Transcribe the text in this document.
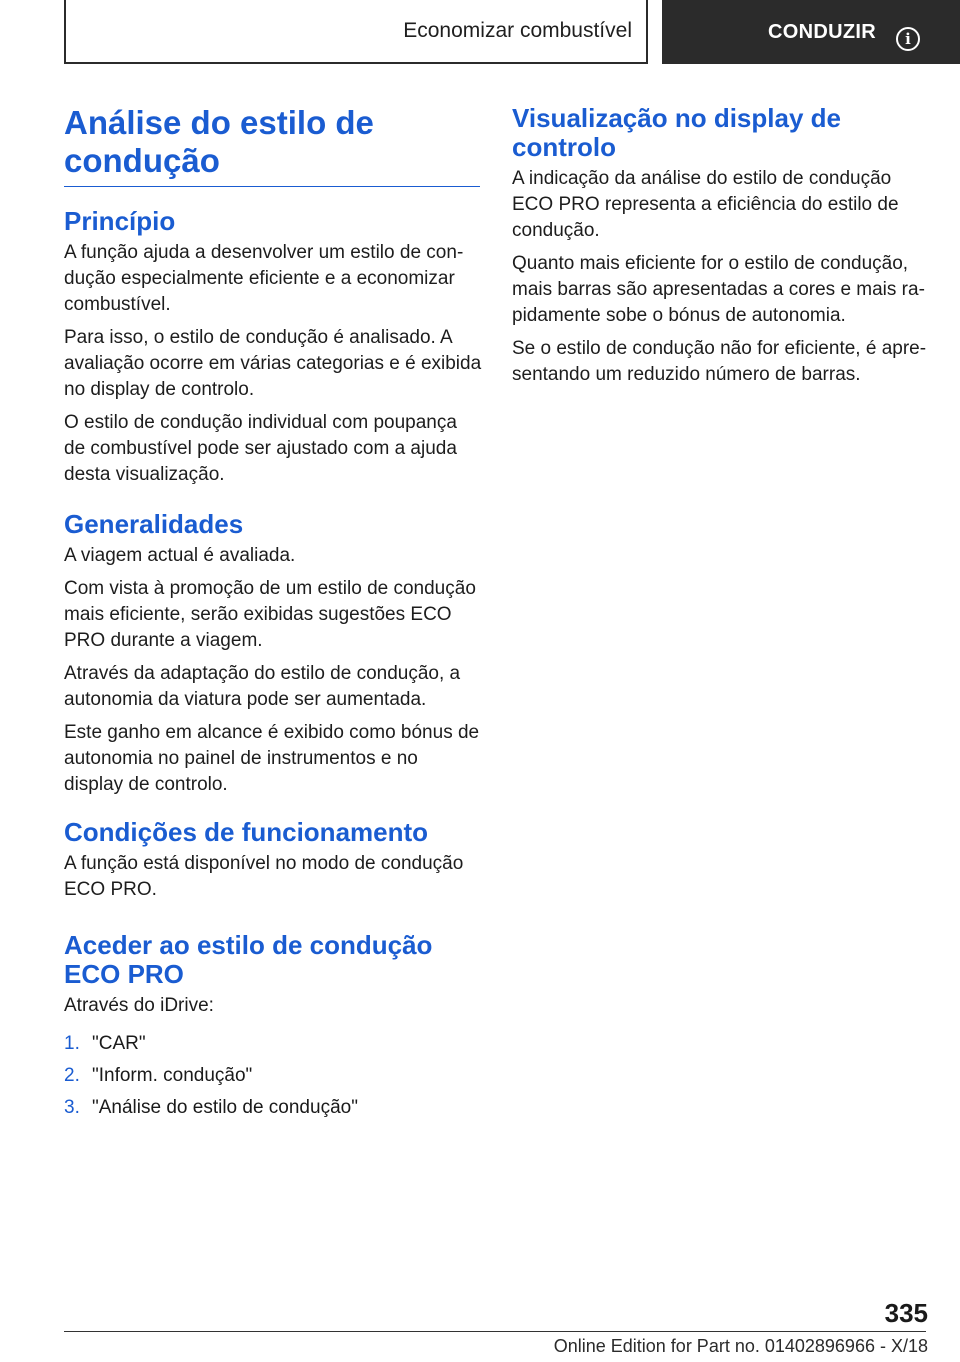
Economizar combustível	CONDUZIR i
Análise do estilo de condução
Princípio

A função ajuda a desenvolver um estilo de condução especialmente eficiente e a economizar combustível.

Para isso, o estilo de condução é analisado. A avaliação ocorre em várias categorias e é exibida no display de controlo.

O estilo de condução individual com poupança de combustível pode ser ajustado com a ajuda desta visualização.

Generalidades

A viagem actual é avaliada.

Com vista à promoção de um estilo de condução mais eficiente, serão exibidas sugestões ECO PRO durante a viagem.

Através da adaptação do estilo de condução, a autonomia da viatura pode ser aumentada.

Este ganho em alcance é exibido como bónus de autonomia no painel de instrumentos e no display de controlo.

Condições de funcionamento

A função está disponível no modo de condução ECO PRO.

Aceder ao estilo de condução ECO PRO

Através do iDrive:

1. "CAR"
2. "Inform. condução"
3. "Análise do estilo de condução"
Visualização no display de controlo

A indicação da análise do estilo de condução ECO PRO representa a eficiência do estilo de condução.

Quanto mais eficiente for o estilo de condução, mais barras são apresentadas a cores e mais rapidamente sobe o bónus de autonomia.

Se o estilo de condução não for eficiente, é apresentando um reduzido número de barras.

335
Online Edition for Part no. 01402896966 - X/18
